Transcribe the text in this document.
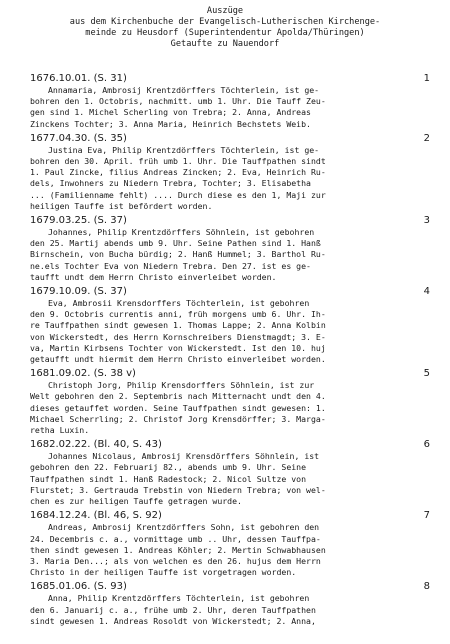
Auszüge
aus dem Kirchenbuche der Evangelisch-Lutherischen Kirchenge-
meinde zu Heusdorf (Superintendentur Apolda/Thüringen)
Getaufte zu Nauendorf
1676.10.01. (S. 31)	1
Annamaria, Ambrosij Krentzdörffers Töchterlein, ist ge-
bohren den 1. Octobris, nachmitt. umb 1. Uhr. Die Tauff Zeu-
gen sind 1. Michel Scherling von Trebra; 2. Anna, Andreas
Zinckens Tochter; 3. Anna Maria, Heinrich Bechstets Weib.
1677.04.30. (S. 35)	2
Justina Eva, Philip Krentzdörffers Töchterlein, ist ge-
bohren den 30. April. früh umb 1. Uhr. Die Tauffpathen sindt
1. Paul Zincke, filius Andreas Zincken; 2. Eva, Heinrich Ru-
dels, Inwohners zu Niedern Trebra, Tochter; 3. Elisabetha
... (Familienname fehlt) .... Durch diese es den 1, Maji zur
heiligen Tauffe ist befördert worden.
1679.03.25. (S. 37)	3
Johannes, Philip Krentzdörffers Söhnlein, ist gebohren
den 25. Martij abends umb 9. Uhr. Seine Pathen sind 1. Hanß
Birnschein, von Bucha bürdig; 2. Hanß Hummel; 3. Barthol Ru-
ne.els Tochter Eva von Niedern Trebra. Den 27. ist es ge-
taufft undt dem Herrn Christo einverleibet worden.
1679.10.09. (S. 37)	4
Eva, Ambrosii Krensdorffers Töchterlein, ist gebohren
den 9. Octobris currentis anni, früh morgens umb 6. Uhr. Ih-
re Tauffpathen sindt gewesen 1. Thomas Lappe; 2. Anna Kolbin
von Wickerstedt, des Herrn Kornschreibers Dienstmagdt; 3. E-
va, Martin Kirbsens Tochter von Wickerstedt. Ist den 10. huj
getaufft undt hiermit dem Herrn Christo einverleibet worden.
1681.09.02. (S. 38 v)	5
Christoph Jorg, Philip Krensdorffers Söhnlein, ist zur
Welt gebohren den 2. Septembris nach Mitternacht undt den 4.
dieses getauffet worden. Seine Tauffpathen sindt gewesen: 1.
Michael Scherrling; 2. Christof Jorg Krensdörffer; 3. Marga-
retha Luxin.
1682.02.22. (Bl. 40, S. 43)	6
Johannes Nicolaus, Ambrosij Krensdörffers Söhnlein, ist
gebohren den 22. Februarij 82., abends umb 9. Uhr. Seine
Tauffpathen sindt 1. Hanß Radestock; 2. Nicol Sultze von
Flurstet; 3. Gertrauda Trebstin von Niedern Trebra; von wel-
chen es zur heiligen Tauffe getragen wurde.
1684.12.24. (Bl. 46, S. 92)	7
Andreas, Ambrosij Krentzdörffers Sohn, ist gebohren den
24. Decembris c. a., vormittage umb .. Uhr, dessen Tauffpa-
then sindt gewesen 1. Andreas Köhler; 2. Mertin Schwabhausen
3. Maria Den...; als von welchen es den 26. hujus dem Herrn
Christo in der heiligen Tauffe ist vorgetragen worden.
1685.01.06. (S. 93)	8
Anna, Philip Krentzdörffers Töchterlein, ist gebohren
den 6. Januarij c. a., frühe umb 2. Uhr, deren Tauffpathen
sindt gewesen 1. Andreas Rosoldt von Wickerstedt; 2. Anna,
